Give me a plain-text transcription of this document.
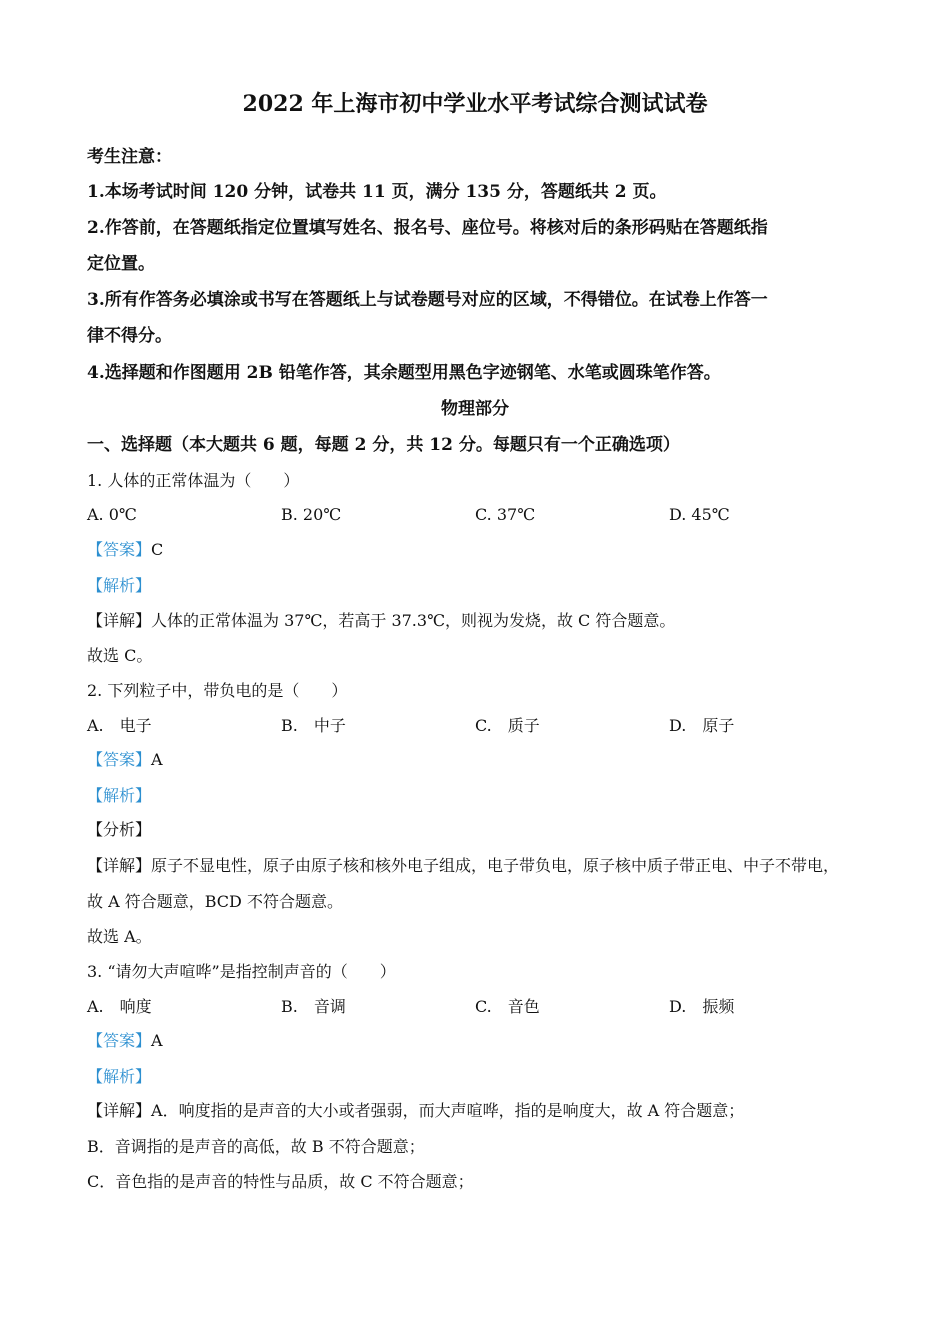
2022 年上海市初中学业水平考试综合测试试卷
考生注意：
1.本场考试时间 120 分钟，试卷共 11 页，满分 135 分，答题纸共 2 页。
2.作答前，在答题纸指定位置填写姓名、报名号、座位号。将核对后的条形码贴在答题纸指
定位置。
3.所有作答务必填涂或书写在答题纸上与试卷题号对应的区域，不得错位。在试卷上作答一
律不得分。
4.选择题和作图题用 2B 铅笔作答，其余题型用黑色字迹钢笔、水笔或圆珠笔作答。
物理部分
一、选择题（本大题共 6 题，每题 2 分，共 12 分。每题只有一个正确选项）
1. 人体的正常体温为（　　）
A. 0℃	B. 20℃	C. 37℃	D. 45℃
【答案】C
【解析】
【详解】人体的正常体温为 37℃，若高于 37.3℃，则视为发烧，故 C 符合题意。
故选 C。
2. 下列粒子中，带负电的是（　　）
A.　电子	B.　中子	C.　质子	D.　原子
【答案】A
【解析】
【分析】
【详解】原子不显电性，原子由原子核和核外电子组成，电子带负电，原子核中质子带正电、中子不带电，
故 A 符合题意，BCD 不符合题意。
故选 A。
3. “请勿大声喧哗”是指控制声音的（　　）
A.　响度	B.　音调	C.　音色	D.　振频
【答案】A
【解析】
【详解】A．响度指的是声音的大小或者强弱，而大声喧哗，指的是响度大，故 A 符合题意；
B．音调指的是声音的高低，故 B 不符合题意；
C．音色指的是声音的特性与品质，故 C 不符合题意；
